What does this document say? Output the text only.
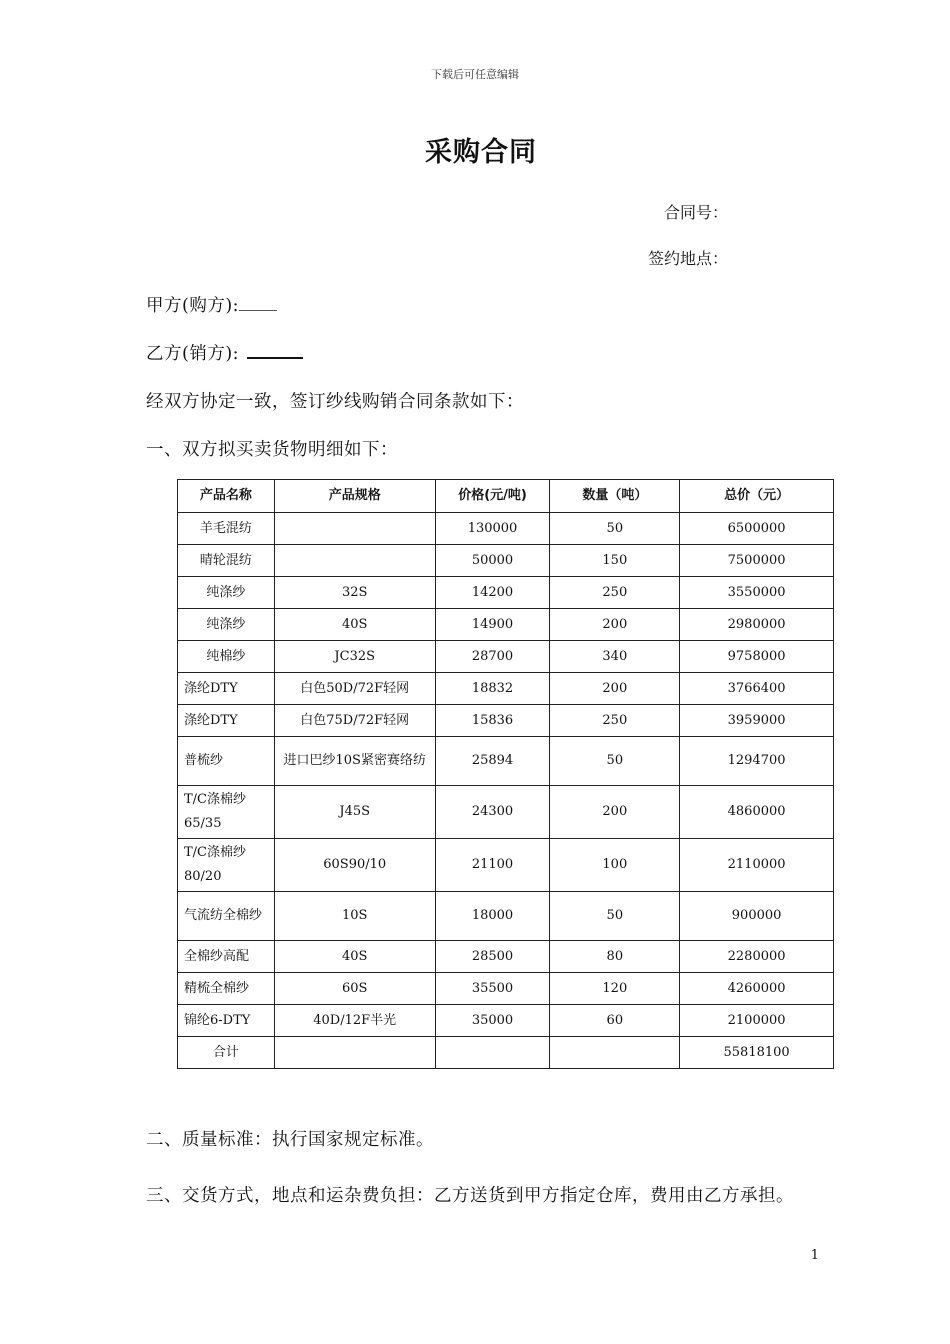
下载后可任意编辑
采购合同
合同号：
签约地点：
甲方(购方):
乙方(销方):
经双方协定一致，签订纱线购销合同条款如下：
一、双方拟买卖货物明细如下：
产品名称	产品规格	价格(元/吨)	数量（吨）	总价（元）
羊毛混纺		130000	50	6500000
晴轮混纺		50000	150	7500000
纯涤纱	32S	14200	250	3550000
纯涤纱	40S	14900	200	2980000
纯棉纱	JC32S	28700	340	9758000
涤纶DTY	白色50D/72F轻网	18832	200	3766400
涤纶DTY	白色75D/72F轻网	15836	250	3959000
普梳纱	进口巴纱10S紧密赛络纺	25894	50	1294700
T/C涤棉纱65/35	J45S	24300	200	4860000
T/C涤棉纱80/20	60S90/10	21100	100	2110000
气流纺全棉纱	10S	18000	50	900000
全棉纱高配	40S	28500	80	2280000
精梳全棉纱	60S	35500	120	4260000
锦纶6-DTY	40D/12F半光	35000	60	2100000
合计				55818100
二、质量标准：执行国家规定标准。
三、交货方式，地点和运杂费负担：乙方送货到甲方指定仓库，费用由乙方承担。
1
